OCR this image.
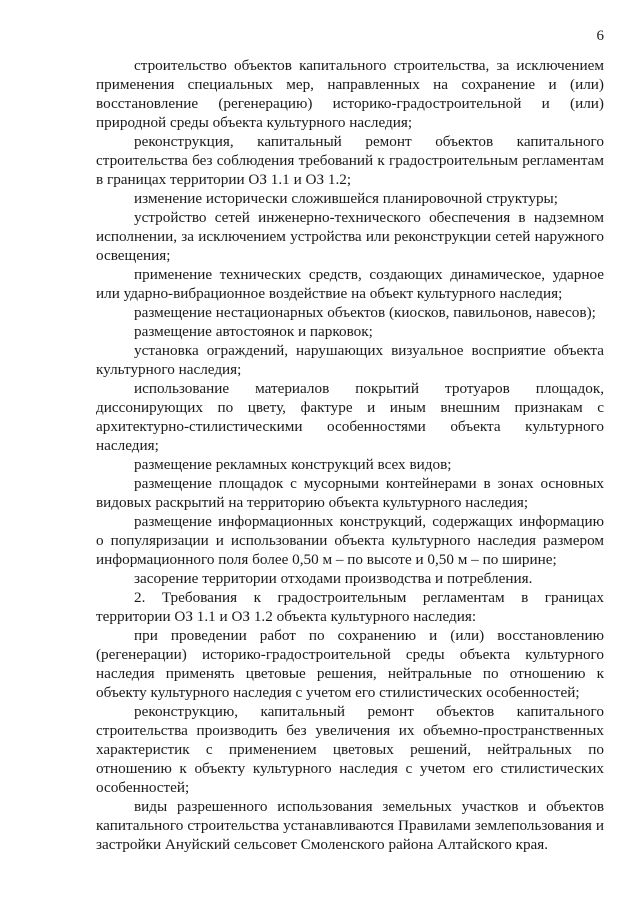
6

строительство объектов капитального строительства, за исключением применения специальных мер, направленных на сохранение и (или) восстановление (регенерацию) историко-градостроительной и (или) природной среды объекта культурного наследия;

реконструкция, капитальный ремонт объектов капитального строительства без соблюдения требований к градостроительным регламентам в границах территории ОЗ 1.1 и ОЗ 1.2;

изменение исторически сложившейся планировочной структуры;

устройство сетей инженерно-технического обеспечения в надземном исполнении, за исключением устройства или реконструкции сетей наружного освещения;

применение технических средств, создающих динамическое, ударное или ударно-вибрационное воздействие на объект культурного наследия;

размещение нестационарных объектов (киосков, павильонов, навесов);

размещение автостоянок и парковок;

установка ограждений, нарушающих визуальное восприятие объекта культурного наследия;

использование материалов покрытий тротуаров площадок, диссонирующих по цвету, фактуре и иным внешним признакам с архитектурно-стилистическими особенностями объекта культурного наследия;

размещение рекламных конструкций всех видов;

размещение площадок с мусорными контейнерами в зонах основных видовых раскрытий на территорию объекта культурного наследия;

размещение информационных конструкций, содержащих информацию о популяризации и использовании объекта культурного наследия размером информационного поля более 0,50 м – по высоте и 0,50 м – по ширине;

засорение территории отходами производства и потребления.

2. Требования к градостроительным регламентам в границах территории ОЗ 1.1 и ОЗ 1.2 объекта культурного наследия:

при проведении работ по сохранению и (или) восстановлению (регенерации) историко-градостроительной среды объекта культурного наследия применять цветовые решения, нейтральные по отношению к объекту культурного наследия с учетом его стилистических особенностей;

реконструкцию, капитальный ремонт объектов капитального строительства производить без увеличения их объемно-пространственных характеристик с применением цветовых решений, нейтральных по отношению к объекту культурного наследия с учетом его стилистических особенностей;

виды разрешенного использования земельных участков и объектов капитального строительства устанавливаются Правилами землепользования и застройки Ануйский сельсовет Смоленского района Алтайского края.
